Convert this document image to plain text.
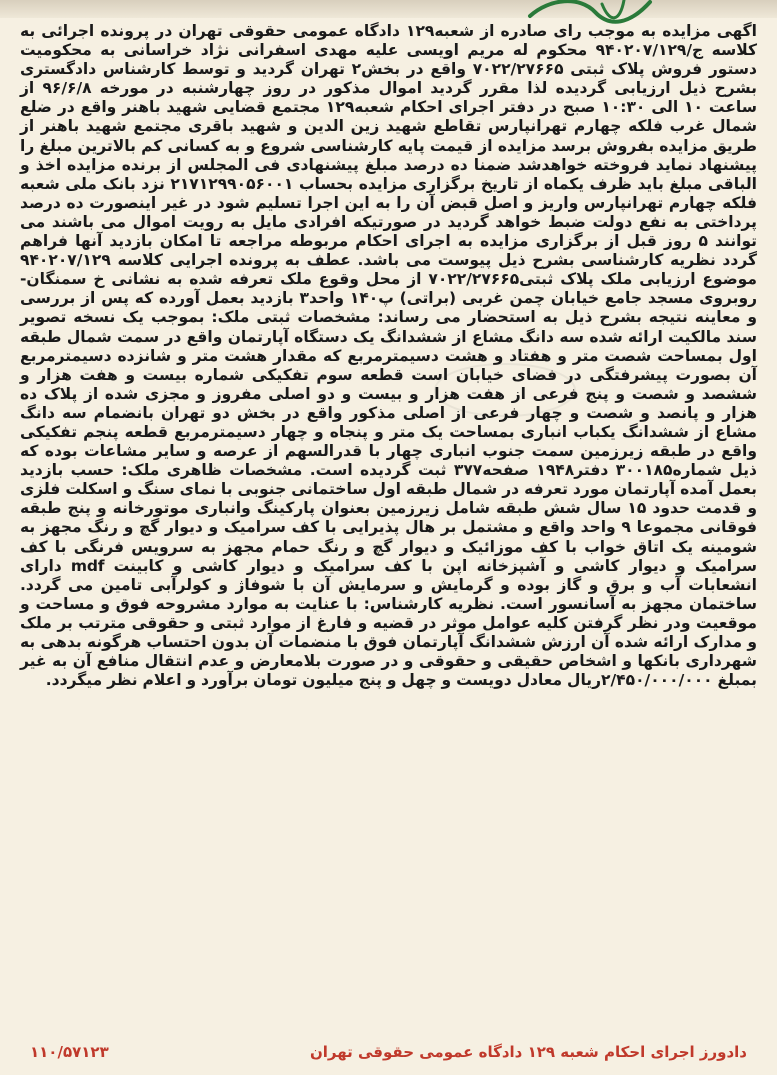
اگهی مزایده به موجب رای صادره از شعبه۱۲۹ دادگاه عمومی حقوقی تهران در پرونده اجرائی به کلاسه ج/۹۴۰۲۰۷/۱۲۹ محکوم له مریم اویسی علیه مهدی اسفرانی نژاد خراسانی به محکومیت دستور فروش پلاک ثبتی ۷۰۲۲/۲۷۶۶۵ واقع در بخش۲ تهران گردید و توسط کارشناس دادگستری بشرح ذیل ارزیابی گردیده لذا مقرر گردید اموال مذکور در روز چهارشنبه در مورخه ۹۶/۶/۸ از ساعت ۱۰ الی ۱۰:۳۰ صبح در دفتر اجرای احکام شعبه۱۲۹ مجتمع قضایی شهید باهنر واقع در ضلع شمال غرب فلکه چهارم تهرانپارس تقاطع شهید زین الدین و شهید باقری مجتمع شهید باهنر از طریق مزایده بفروش برسد مزایده از قیمت پایه کارشناسی شروع و به کسانی کم بالاترین مبلغ را پیشنهاد نماید فروخته خواهدشد ضمنا ده درصد مبلغ پیشنهادی فی المجلس از برنده مزایده اخذ و الباقی مبلغ باید ظرف یکماه از تاریخ برگزاری مزایده بحساب ۲۱۷۱۲۹۹۰۵۶۰۰۱ نزد بانک ملی شعبه فلکه چهارم تهرانپارس واریز و اصل قبض آن را به این اجرا تسلیم شود در غیر اینصورت ده درصد پرداختی به نفع دولت ضبط خواهد گردید در صورتیکه افرادی مایل به رویت اموال می باشند می توانند ۵ روز قبل از برگزاری مزایده به اجرای احکام مربوطه مراجعه تا امکان بازدید آنها فراهم گردد نظریه کارشناسی بشرح ذیل پیوست می باشد. عطف به پرونده اجرایی کلاسه ۹۴۰۲۰۷/۱۲۹ موضوع ارزیابی ملک پلاک ثبتی۷۰۲۲/۲۷۶۶۵ از محل وقوع ملک تعرفه شده به نشانی خ سمنگان- روبروی مسجد جامع خیابان چمن غربی (براتی) پ۱۴۰ واحد۳ بازدید بعمل آورده که پس از بررسی و معاینه نتیجه بشرح ذیل به استحضار می رساند: مشخصات ثبتی ملک: بموجب یک نسخه تصویر سند مالکیت ارائه شده سه دانگ مشاع از ششدانگ یک دستگاه آپارتمان واقع در سمت شمال طبقه اول بمساحت شصت متر و هفتاد و هشت دسیمترمربع که مقدار هشت متر و شانزده دسیمترمربع آن بصورت پیشرفتگی در فضای خیابان است قطعه سوم تفکیکی شماره بیست و هفت هزار و ششصد و شصت و پنج فرعی از هفت هزار و بیست و دو اصلی مفروز و مجزی شده از پلاک ده هزار و پانصد و شصت و چهار فرعی از اصلی مذکور واقع در بخش دو تهران بانضمام سه دانگ مشاع از ششدانگ یکباب انباری بمساحت یک متر و پنجاه و چهار دسیمترمربع قطعه پنجم تفکیکی واقع در طبقه زیرزمین سمت جنوب انباری چهار با قدرالسهم از عرصه و سایر مشاعات بوده که ذیل شماره۳۰۰۱۸۵ دفتر۱۹۴۸ صفحه۳۷۷ ثبت گردیده است. مشخصات ظاهری ملک: حسب بازدید بعمل آمده آپارتمان مورد تعرفه در شمال طبقه اول ساختمانی جنوبی با نمای سنگ و اسکلت فلزی و قدمت حدود ۱۵ سال شش طبقه شامل زیرزمین بعنوان پارکینگ وانباری موتورخانه و پنج طبقه فوقانی مجموعا ۹ واحد واقع و مشتمل بر هال پذیرایی با کف سرامیک و دیوار گچ و رنگ مجهز به شومینه یک اتاق خواب با کف موزائیک و دیوار گچ و رنگ حمام مجهز به سرویس فرنگی با کف سرامیک و دیوار کاشی و آشپزخانه اپن با کف سرامیک و دیوار کاشی و کابینت mdf دارای انشعابات آب و برق و گاز بوده و گرمایش و سرمایش آن با شوفاژ و کولرآبی تامین می گردد. ساختمان مجهز به آسانسور است. نظریه کارشناس: با عنایت به موارد مشروحه فوق و مساحت و موقعیت ودر نظر گرفتن کلیه عوامل موثر در قضیه و فارغ از موارد ثبتی و حقوقی مترتب بر ملک و مدارک ارائه شده آن ارزش ششدانگ آپارتمان فوق با منضمات آن بدون احتساب هرگونه بدهی به شهرداری بانکها و اشخاص حقیقی و حقوقی و در صورت بلامعارض و عدم انتقال منافع آن به غیر بمبلغ ۲/۴۵۰/۰۰۰/۰۰۰ریال معادل دویست و چهل و پنج میلیون تومان برآورد و اعلام نظر میگردد.

دادورز اجرای احکام شعبه ۱۲۹ دادگاه عمومی حقوقی تهران
۱۱۰/۵۷۱۲۳
